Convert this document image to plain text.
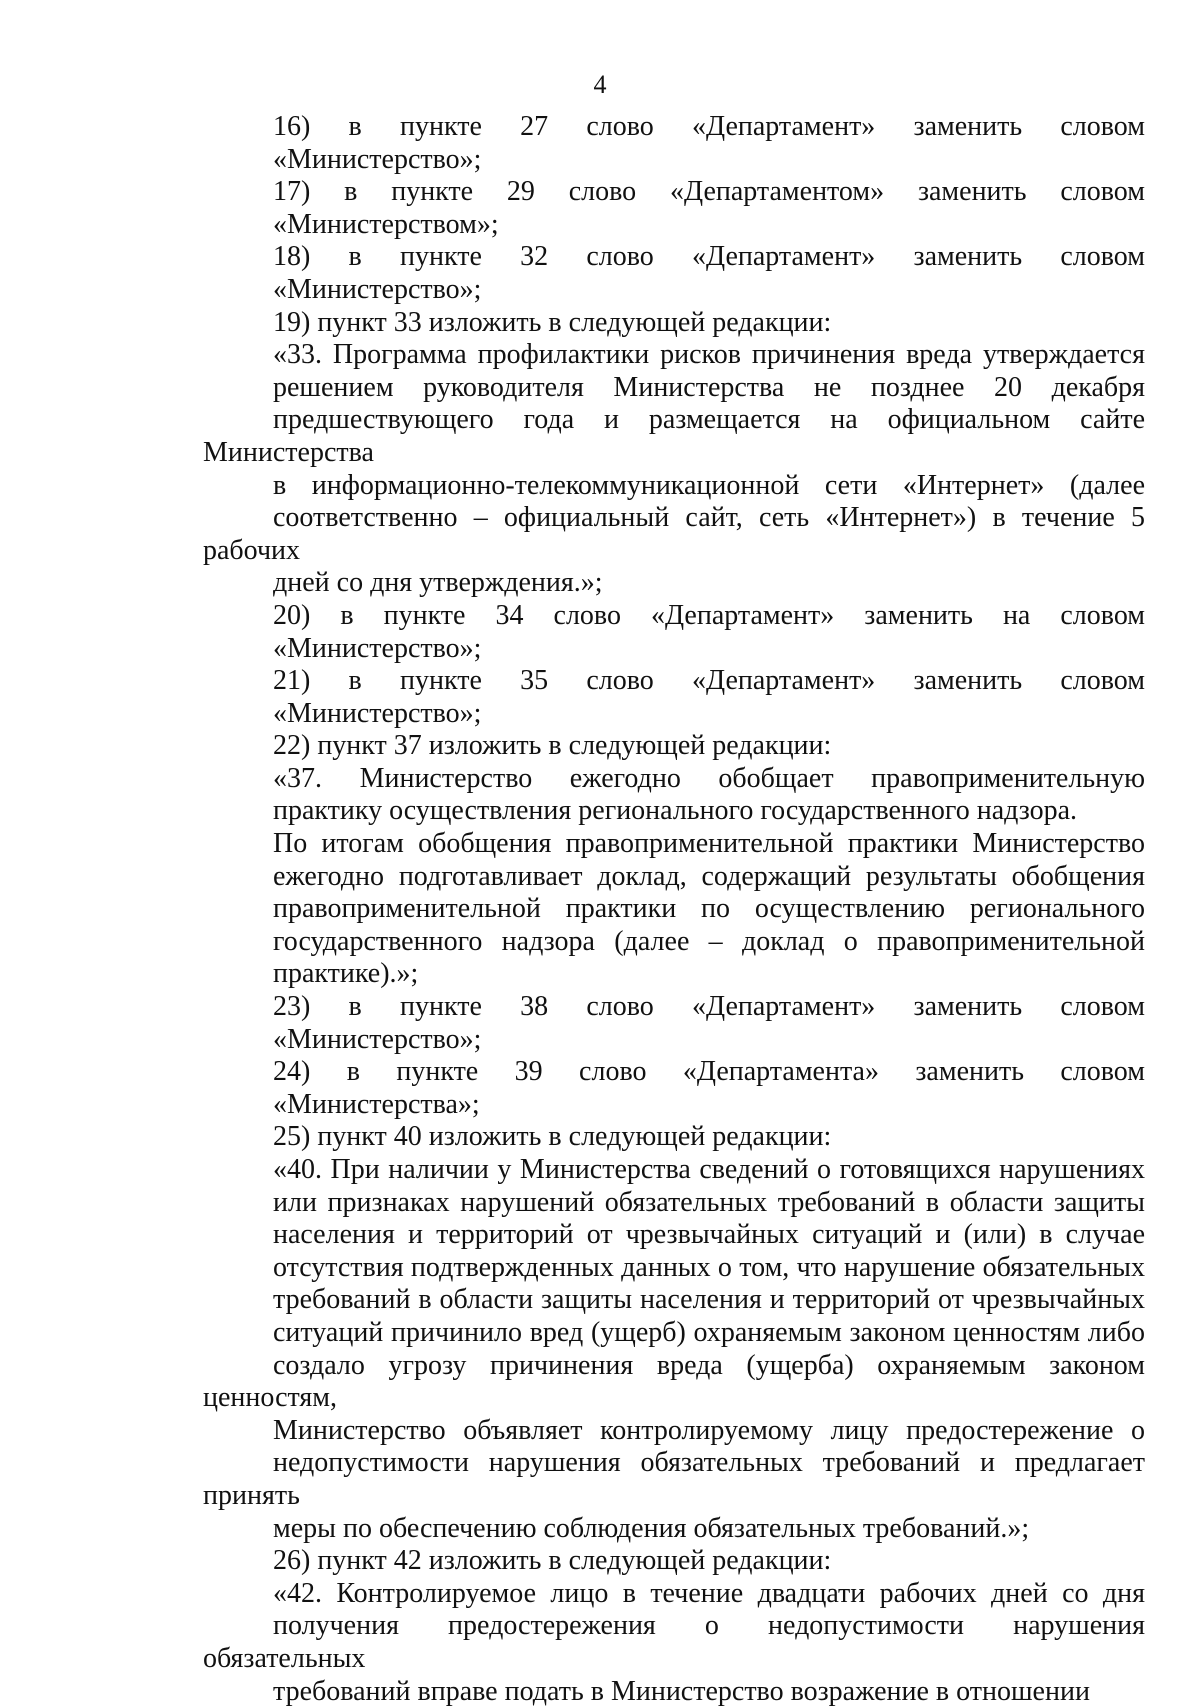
4

16) в пункте 27 слово «Департамент» заменить словом
«Министерство»;

17) в пункте 29 слово «Департаментом» заменить словом
«Министерством»;

18) в пункте 32 слово «Департамент» заменить словом
«Министерство»;

19) пункт 33 изложить в следующей редакции:

«33. Программа профилактики рисков причинения вреда утверждается
решением руководителя Министерства не позднее 20 декабря
предшествующего года и размещается на официальном сайте Министерства
в информационно-телекоммуникационной сети «Интернет» (далее
соответственно – официальный сайт, сеть «Интернет») в течение 5 рабочих
дней со дня утверждения.»;

20) в пункте 34 слово «Департамент» заменить на словом
«Министерство»;

21) в пункте 35 слово «Департамент» заменить словом
«Министерство»;

22) пункт 37 изложить в следующей редакции:

«37. Министерство ежегодно обобщает правоприменительную
практику осуществления регионального государственного надзора.

По итогам обобщения правоприменительной практики Министерство
ежегодно подготавливает доклад, содержащий результаты обобщения
правоприменительной практики по осуществлению регионального
государственного надзора (далее – доклад о правоприменительной
практике).»;

23) в пункте 38 слово «Департамент» заменить словом
«Министерство»;

24) в пункте 39 слово «Департамента» заменить словом
«Министерства»;

25) пункт 40 изложить в следующей редакции:

«40. При наличии у Министерства сведений о готовящихся нарушениях
или признаках нарушений обязательных требований в области защиты
населения и территорий от чрезвычайных ситуаций и (или) в случае
отсутствия подтвержденных данных о том, что нарушение обязательных
требований в области защиты населения и территорий от чрезвычайных
ситуаций причинило вред (ущерб) охраняемым законом ценностям либо
создало угрозу причинения вреда (ущерба) охраняемым законом ценностям,
Министерство объявляет контролируемому лицу предостережение о
недопустимости нарушения обязательных требований и предлагает принять
меры по обеспечению соблюдения обязательных требований.»;

26) пункт 42 изложить в следующей редакции:

«42. Контролируемое лицо в течение двадцати рабочих дней со дня
получения предостережения о недопустимости нарушения обязательных
требований вправе подать в Министерство возражение в отношении
